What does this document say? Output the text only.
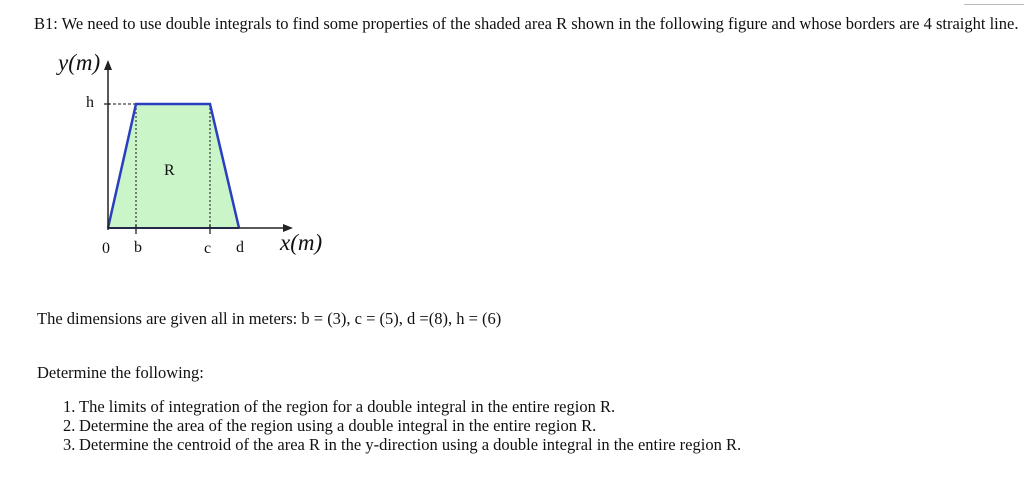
B1: We need to use double integrals to find some properties of the shaded area R shown in the following figure and whose borders are 4 straight line.
y(m)
h
R
0 b	c d x(m)
The dimensions are given all in meters: b = (3), c = (5), d =(8), h = (6)
Determine the following:
1. The limits of integration of the region for a double integral in the entire region R.
2. Determine the area of the region using a double integral in the entire region R.
3. Determine the centroid of the area R in the y-direction using a double integral in the entire region R.
